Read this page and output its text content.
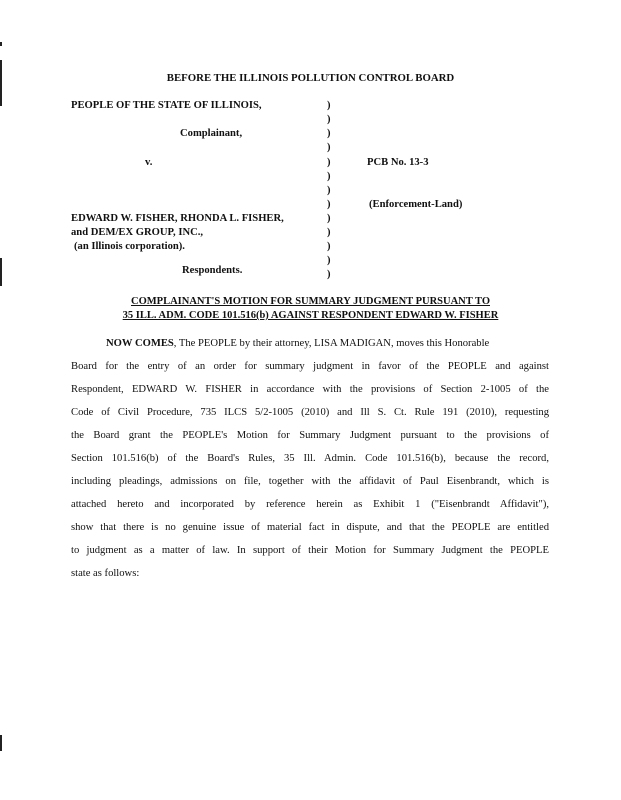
BEFORE THE ILLINOIS POLLUTION CONTROL BOARD
PEOPLE OF THE STATE OF ILLINOIS,
Complainant,
v.
EDWARD W. FISHER, RHONDA L. FISHER,
and DEM/EX GROUP, INC.,
(an Illinois corporation).
Respondents.
)
)
)
)
)
)
)
)
)
)
)
)
)
PCB No. 13-3
(Enforcement-Land)
COMPLAINANT'S MOTION FOR SUMMARY JUDGMENT PURSUANT TO
35 ILL. ADM. CODE 101.516(b) AGAINST RESPONDENT EDWARD W. FISHER
NOW COMES, The PEOPLE by their attorney, LISA MADIGAN, moves this Honorable
Board for the entry of an order for summary judgment in favor of the PEOPLE and against
Respondent, EDWARD W. FISHER in accordance with the provisions of Section 2-1005 of the
Code of Civil Procedure, 735 ILCS 5/2-1005 (2010) and Ill S. Ct. Rule 191 (2010), requesting
the Board grant the PEOPLE's Motion for Summary Judgment pursuant to the provisions of
Section 101.516(b) of the Board's Rules, 35 Ill. Admin. Code 101.516(b), because the record,
including pleadings, admissions on file, together with the affidavit of Paul Eisenbrandt, which is
attached hereto and incorporated by reference herein as Exhibit 1 ("Eisenbrandt Affidavit"),
show that there is no genuine issue of material fact in dispute, and that the PEOPLE are entitled
to judgment as a matter of law. In support of their Motion for Summary Judgment the PEOPLE
state as follows:
